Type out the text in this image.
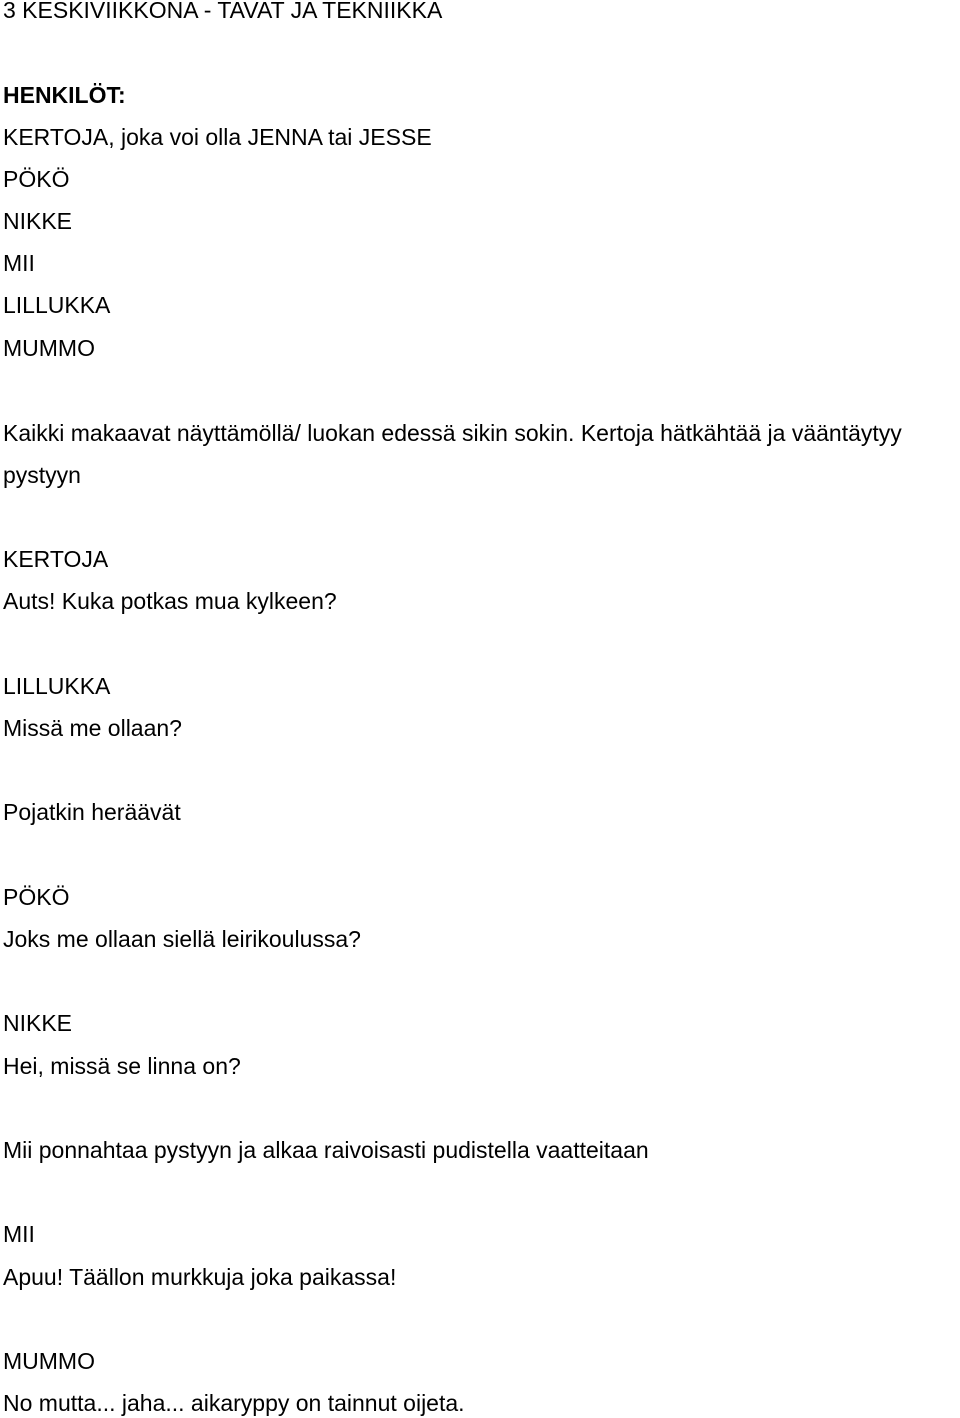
3 KESKIVIIKKONA - TAVAT JA TEKNIIKKA

HENKILÖT:

KERTOJA, joka voi olla JENNA tai JESSE

PÖKÖ

NIKKE

MII

LILLUKKA

MUMMO

Kaikki makaavat näyttämöllä/ luokan edessä sikin sokin. Kertoja hätkähtää ja vääntäytyy

pystyyn

KERTOJA

Auts! Kuka potkas mua kylkeen?

LILLUKKA

Missä me ollaan?

Pojatkin heräävät

PÖKÖ

Joks me ollaan siellä leirikoulussa?

NIKKE

Hei, missä se linna on?

Mii ponnahtaa pystyyn ja alkaa raivoisasti pudistella vaatteitaan

MII

Apuu! Täällon murkkuja joka paikassa!

MUMMO

No mutta... jaha... aikaryppy on tainnut oijeta.
